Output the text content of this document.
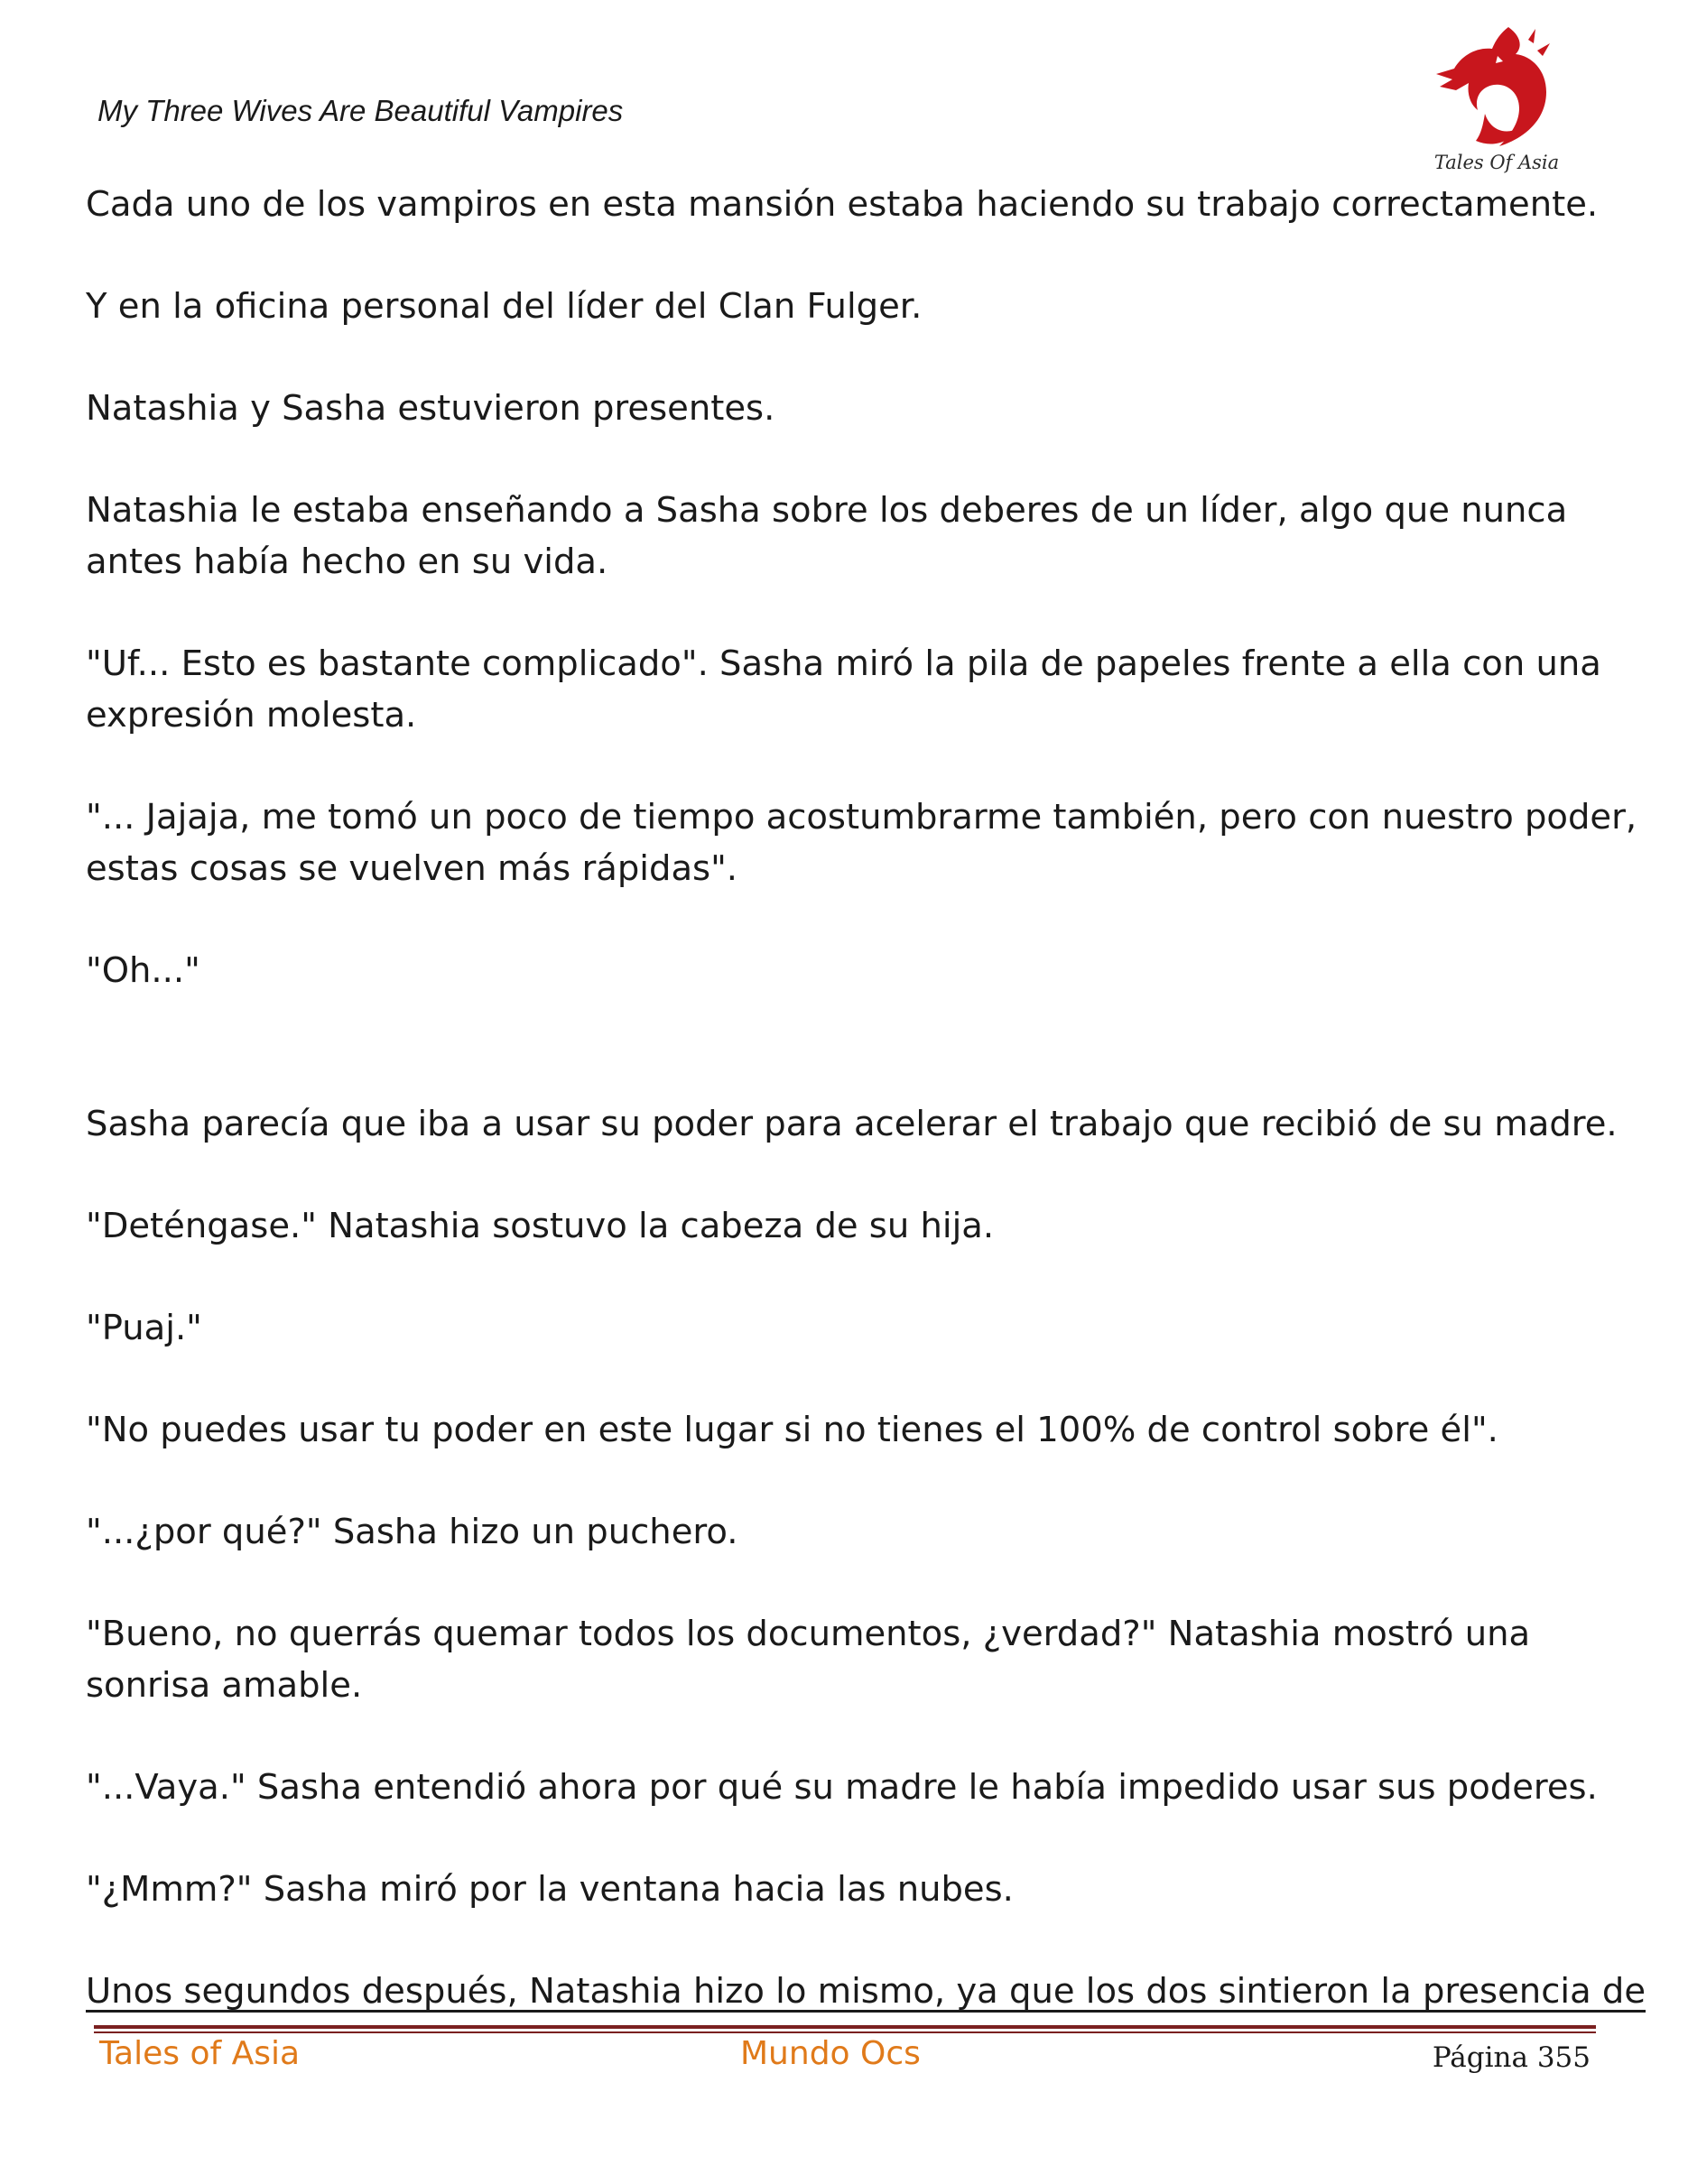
My Three Wives Are Beautiful Vampires
Tales Of Asia

Cada uno de los vampiros en esta mansión estaba haciendo su trabajo correctamente.

Y en la oficina personal del líder del Clan Fulger.

Natashia y Sasha estuvieron presentes.

Natashia le estaba enseñando a Sasha sobre los deberes de un líder, algo que nunca

antes había hecho en su vida.

"Uf... Esto es bastante complicado". Sasha miró la pila de papeles frente a ella con una

expresión molesta.

"... Jajaja, me tomó un poco de tiempo acostumbrarme también, pero con nuestro poder,

estas cosas se vuelven más rápidas".

"Oh..."

Sasha parecía que iba a usar su poder para acelerar el trabajo que recibió de su madre.

"Deténgase." Natashia sostuvo la cabeza de su hija.

"Puaj."

"No puedes usar tu poder en este lugar si no tienes el 100% de control sobre él".

"...¿por qué?" Sasha hizo un puchero.

"Bueno, no querrás quemar todos los documentos, ¿verdad?" Natashia mostró una

sonrisa amable.

"...Vaya." Sasha entendió ahora por qué su madre le había impedido usar sus poderes.

"¿Mmm?" Sasha miró por la ventana hacia las nubes.

Unos segundos después, Natashia hizo lo mismo, ya que los dos sintieron la presencia de

Tales of Asia	Mundo Ocs	Página 355
